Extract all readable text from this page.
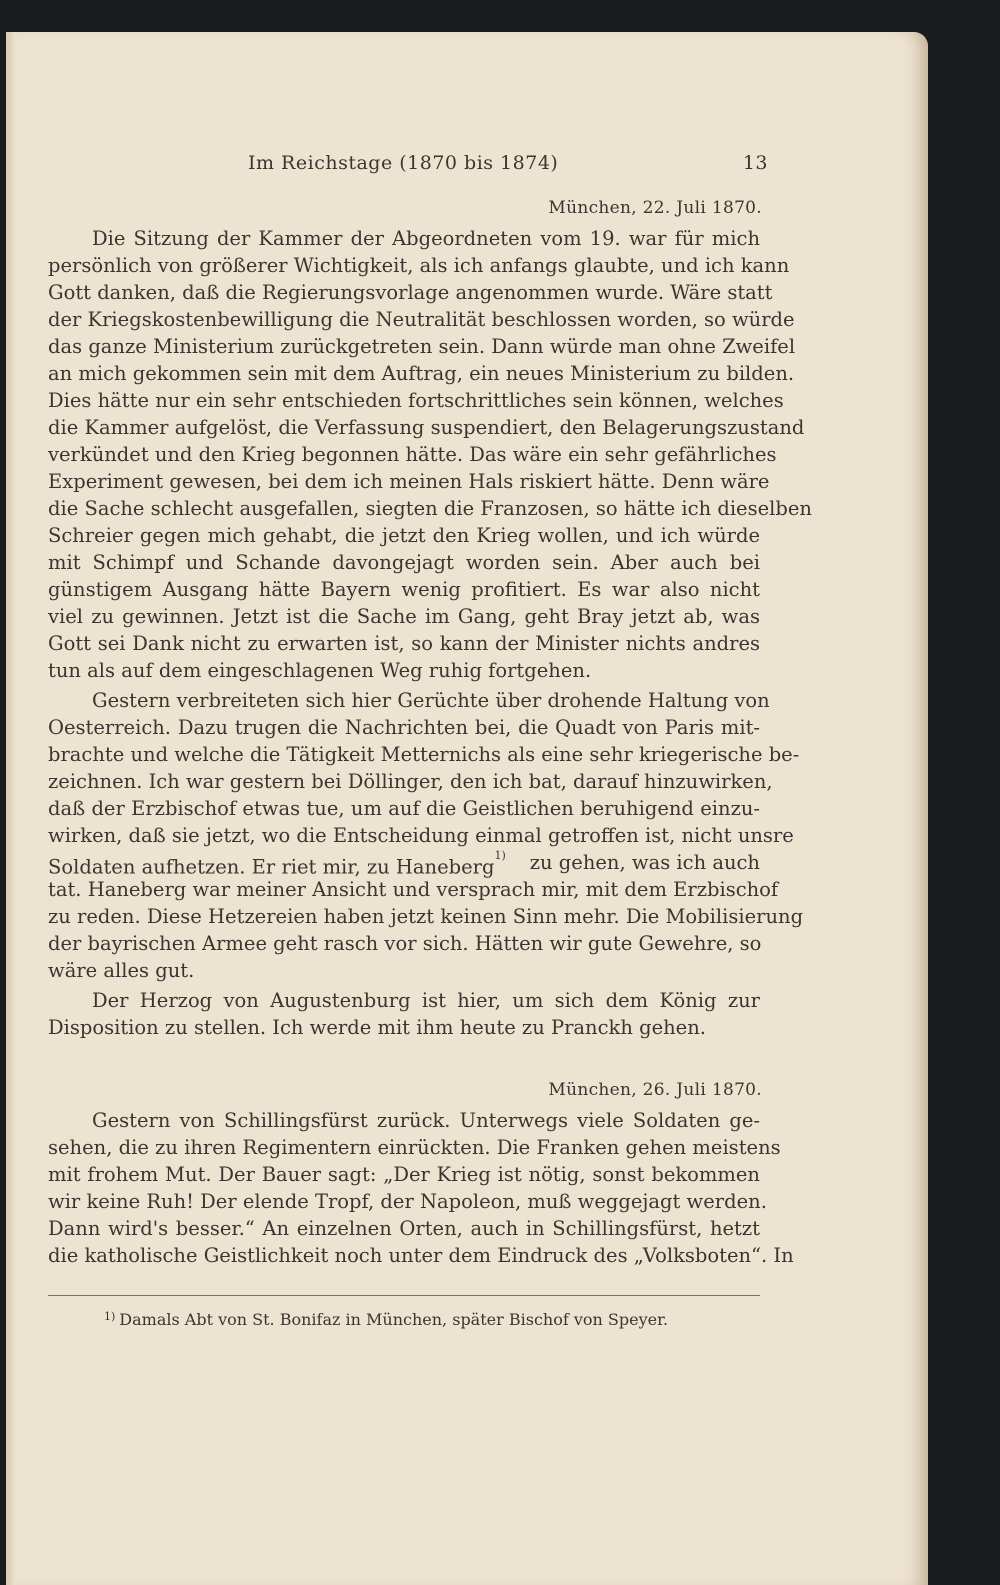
Im Reichstage (1870 bis 1874)	13
München, 22. Juli 1870.
Die Sitzung der Kammer der Abgeordneten vom 19. war für mich
persönlich von größerer Wichtigkeit, als ich anfangs glaubte, und ich kann
Gott danken, daß die Regierungsvorlage angenommen wurde. Wäre statt
der Kriegskostenbewilligung die Neutralität beschlossen worden, so würde
das ganze Ministerium zurückgetreten sein. Dann würde man ohne Zweifel
an mich gekommen sein mit dem Auftrag, ein neues Ministerium zu bilden.
Dies hätte nur ein sehr entschieden fortschrittliches sein können, welches
die Kammer aufgelöst, die Verfassung suspendiert, den Belagerungszustand
verkündet und den Krieg begonnen hätte. Das wäre ein sehr gefährliches
Experiment gewesen, bei dem ich meinen Hals riskiert hätte. Denn wäre
die Sache schlecht ausgefallen, siegten die Franzosen, so hätte ich dieselben
Schreier gegen mich gehabt, die jetzt den Krieg wollen, und ich würde
mit Schimpf und Schande davongejagt worden sein. Aber auch bei
günstigem Ausgang hätte Bayern wenig profitiert. Es war also nicht
viel zu gewinnen. Jetzt ist die Sache im Gang, geht Bray jetzt ab, was
Gott sei Dank nicht zu erwarten ist, so kann der Minister nichts andres
tun als auf dem eingeschlagenen Weg ruhig fortgehen.
Gestern verbreiteten sich hier Gerüchte über drohende Haltung von
Oesterreich. Dazu trugen die Nachrichten bei, die Quadt von Paris mit-
brachte und welche die Tätigkeit Metternichs als eine sehr kriegerische be-
zeichnen. Ich war gestern bei Döllinger, den ich bat, darauf hinzuwirken,
daß der Erzbischof etwas tue, um auf die Geistlichen beruhigend einzu-
wirken, daß sie jetzt, wo die Entscheidung einmal getroffen ist, nicht unsre
Soldaten aufhetzen. Er riet mir, zu Haneberg$^{1)}$ zu gehen, was ich auch
tat. Haneberg war meiner Ansicht und versprach mir, mit dem Erzbischof
zu reden. Diese Hetzereien haben jetzt keinen Sinn mehr. Die Mobilisierung
der bayrischen Armee geht rasch vor sich. Hätten wir gute Gewehre, so
wäre alles gut.
Der Herzog von Augustenburg ist hier, um sich dem König zur
Disposition zu stellen. Ich werde mit ihm heute zu Pranckh gehen.
München, 26. Juli 1870.
Gestern von Schillingsfürst zurück. Unterwegs viele Soldaten ge-
sehen, die zu ihren Regimentern einrückten. Die Franken gehen meistens
mit frohem Mut. Der Bauer sagt: „Der Krieg ist nötig, sonst bekommen
wir keine Ruh! Der elende Tropf, der Napoleon, muß weggejagt werden.
Dann wird's besser.“ An einzelnen Orten, auch in Schillingsfürst, hetzt
die katholische Geistlichkeit noch unter dem Eindruck des „Volksboten“. In
$^{1)}$ Damals Abt von St. Bonifaz in München, später Bischof von Speyer.
